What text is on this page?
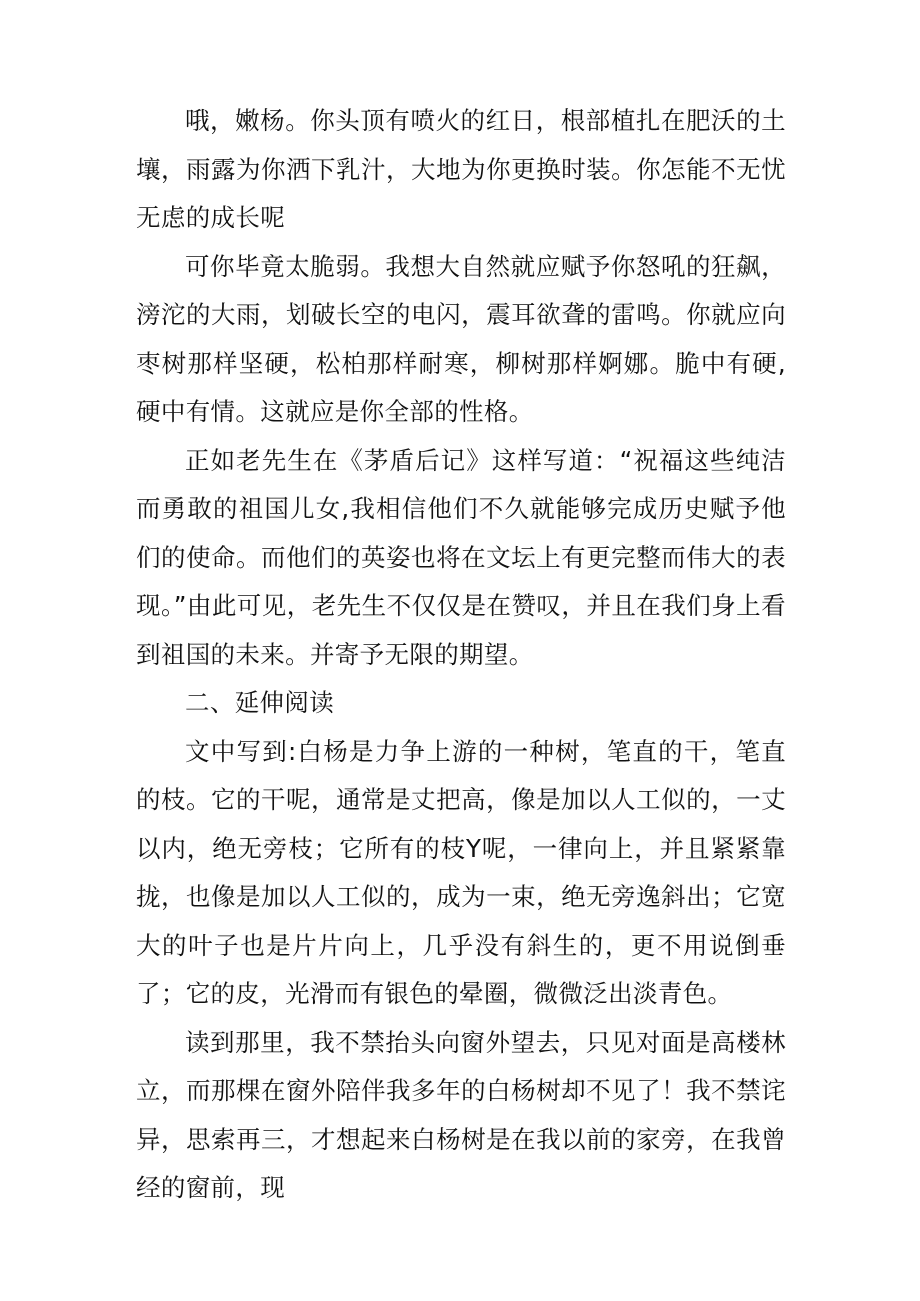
哦，嫩杨。你头顶有喷火的红日，根部植扎在肥沃的土壤，雨露为你洒下乳汁，大地为你更换时装。你怎能不无忧无虑的成长呢

可你毕竟太脆弱。我想大自然就应赋予你怒吼的狂飙，滂沱的大雨，划破长空的电闪，震耳欲聋的雷鸣。你就应向枣树那样坚硬，松柏那样耐寒，柳树那样婀娜。脆中有硬,硬中有情。这就应是你全部的性格。

正如老先生在《茅盾后记》这样写道：“祝福这些纯洁而勇敢的祖国儿女,我相信他们不久就能够完成历史赋予他们的使命。而他们的英姿也将在文坛上有更完整而伟大的表现。”由此可见，老先生不仅仅是在赞叹，并且在我们身上看到祖国的未来。并寄予无限的期望。

二、延伸阅读

文中写到:白杨是力争上游的一种树，笔直的干，笔直的枝。它的干呢，通常是丈把高，像是加以人工似的，一丈以内，绝无旁枝；它所有的枝Y呢，一律向上，并且紧紧靠拢，也像是加以人工似的，成为一束，绝无旁逸斜出；它宽大的叶子也是片片向上，几乎没有斜生的，更不用说倒垂了；它的皮，光滑而有银色的晕圈，微微泛出淡青色。

读到那里，我不禁抬头向窗外望去，只见对面是高楼林立，而那棵在窗外陪伴我多年的白杨树却不见了！我不禁诧异，思索再三，才想起来白杨树是在我以前的家旁，在我曾经的窗前，现
